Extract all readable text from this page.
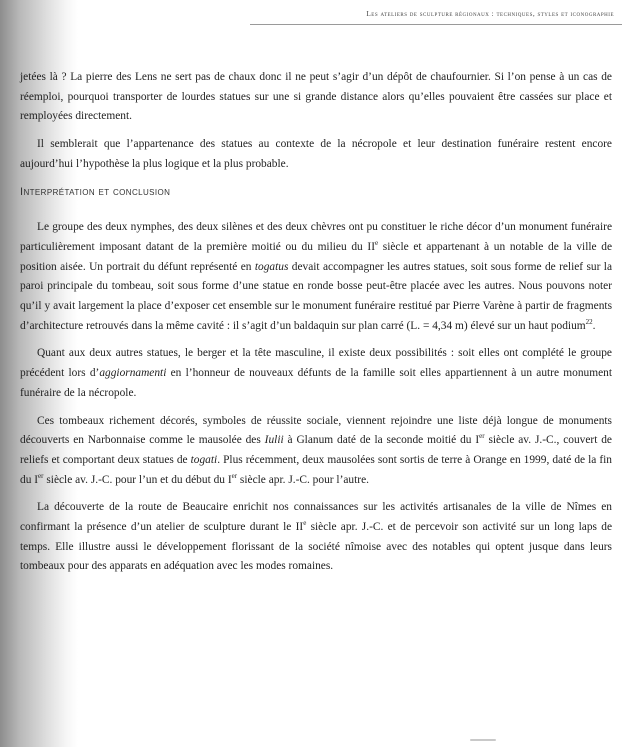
Les ateliers de sculpture régionaux : techniques, styles et iconographie

jetées là ? La pierre des Lens ne sert pas de chaux donc il ne peut s’agir d’un dépôt de chaufournier. Si l’on pense à un cas de réemploi, pourquoi transporter de lourdes statues sur une si grande distance alors qu’elles pouvaient être cassées sur place et remployées directement.

Il semblerait que l’appartenance des statues au contexte de la nécropole et leur destination funéraire restent encore aujourd’hui l’hypothèse la plus logique et la plus probable.

Interprétation et conclusion

Le groupe des deux nymphes, des deux silènes et des deux chèvres ont pu constituer le riche décor d’un monument funéraire particulièrement imposant datant de la première moitié ou du milieu du IIe siècle et appartenant à un notable de la ville de position aisée. Un portrait du défunt représenté en togatus devait accompagner les autres statues, soit sous forme de relief sur la paroi principale du tombeau, soit sous forme d’une statue en ronde bosse peut-être placée avec les autres. Nous pouvons noter qu’il y avait largement la place d’exposer cet ensemble sur le monument funéraire restitué par Pierre Varène à partir de fragments d’architecture retrouvés dans la même cavité : il s’agit d’un baldaquin sur plan carré (L. = 4,34 m) élevé sur un haut podium$^{22}$.

Quant aux deux autres statues, le berger et la tête masculine, il existe deux possibilités : soit elles ont complété le groupe précédent lors d’aggiornamenti en l’honneur de nouveaux défunts de la famille soit elles appartiennent à un autre monument funéraire de la nécropole.

Ces tombeaux richement décorés, symboles de réussite sociale, viennent rejoindre une liste déjà longue de monuments découverts en Narbonnaise comme le mausolée des Iulii à Glanum daté de la seconde moitié du Ier siècle av. J.-C., couvert de reliefs et comportant deux statues de togati. Plus récemment, deux mausolées sont sortis de terre à Orange en 1999, daté de la fin du Ier siècle av. J.-C. pour l’un et du début du Ier siècle apr. J.-C. pour l’autre.

La découverte de la route de Beaucaire enrichit nos connaissances sur les activités artisanales de la ville de Nîmes en confirmant la présence d’un atelier de sculpture durant le IIe siècle apr. J.-C. et de percevoir son activité sur un long laps de temps. Elle illustre aussi le développement florissant de la société nîmoise avec des notables qui optent jusque dans leurs tombeaux pour des apparats en adéquation avec les modes romaines.
